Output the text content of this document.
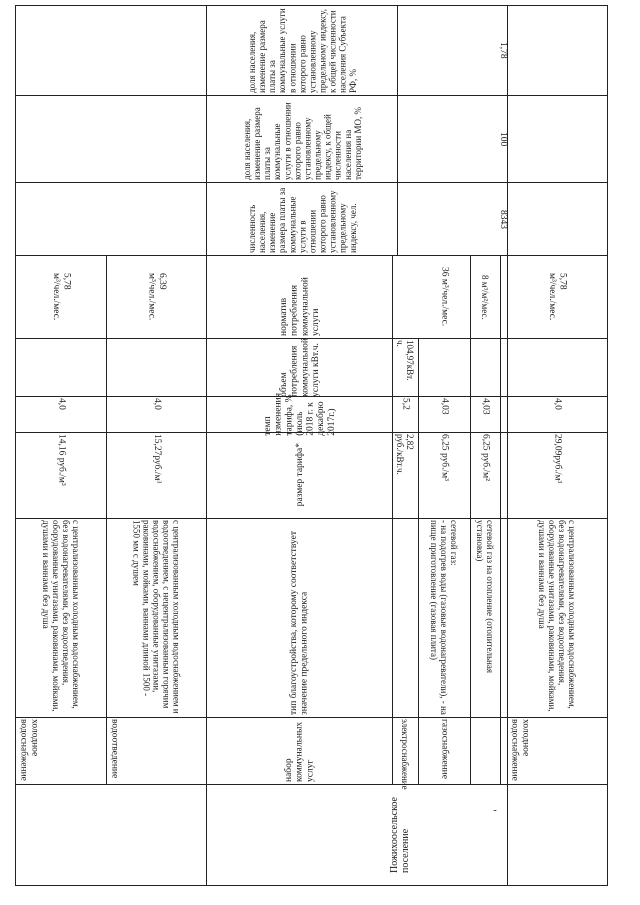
доля населения, изменение размера платы за коммунальные услуги в отношении которого равно установленному предельному индексу, к общей численности населения Субъекта РФ, %
доля населения, изменение размера платы за коммунальные услуги в отношении которого равно установленному предельному индексу, к общей численности населения на территории МО, %
численность населения, изменение размера платы за коммунальные услуги в отношении которого равно установленному предельному индексу, чел.
норматив потребления коммунальной услуги
объем потребления коммунальной услуги кВт.ч.
темп изменения тарифа, % (июль 2018 г. к декабрю 2017г.)
размер тарифа*
тип благоустройства, которому соответствует значение предельного индекса
набор коммунальных услуг
холодное водоснабжение
с централизованным холодным водоснабжением, без водонагревателями, без водоотведения, оборудованные унитазами, раковинами, мойками, душами и ваннами без душа
14,16 руб./м³
4,0
5,78
м³/чел./мес.
водоотведение
с централизованным холодным водоснабжением и водоотведением, с нецентрализованным горячим водоснабжением, оборудованные унитазами, раковинами, мойками, ваннами длиной 1500 - 1550 мм с душем
15,27руб./м³
4,0
6,39
м³/чел./мес.
электроснабжение
2,82
руб./кВт.ч.
5,2
104,97кВт.
ч.
газоснабжение
сетевой газ:
- на подогрев воды (газовые водонагреватели), - на пище приготовление (газовая плита)
6,25 руб./м³
4,03
36 м³/чел./мес.
сетевой газ на отопление (отопительная установка)
6,25 руб./м²
4,03
8 м³/м²/мес.
холодное водоснабжение
с централизованным холодным водоснабжением, без водонагревателями, без водоотведения, оборудованные унитазами, раковинами, мойками, душами и ваннами без душа
29,09руб./м³
4,0
5,78
м³/чел./мес.
8343
100
1,78
Пожихоосельское поселение
-
